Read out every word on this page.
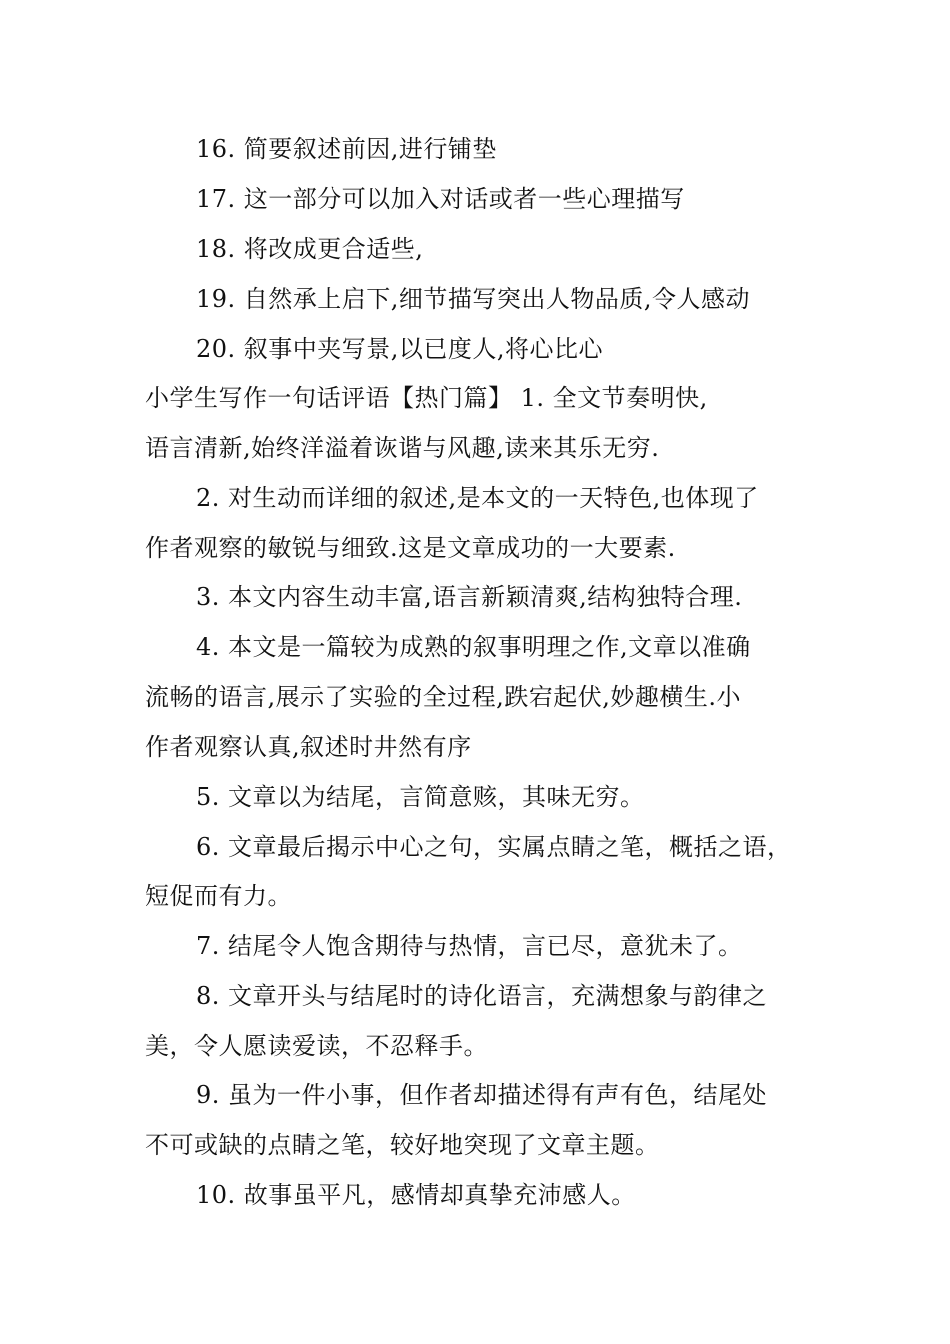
16. 简要叙述前因,进行铺垫
17. 这一部分可以加入对话或者一些心理描写
18. 将改成更合适些,
19. 自然承上启下,细节描写突出人物品质,令人感动
20. 叙事中夹写景,以已度人,将心比心
小学生写作一句话评语【热门篇】 1. 全文节奏明快,
语言清新,始终洋溢着诙谐与风趣,读来其乐无穷.
2. 对生动而详细的叙述,是本文的一天特色,也体现了
作者观察的敏锐与细致.这是文章成功的一大要素.
3. 本文内容生动丰富,语言新颖清爽,结构独特合理.
4. 本文是一篇较为成熟的叙事明理之作,文章以准确
流畅的语言,展示了实验的全过程,跌宕起伏,妙趣横生.小
作者观察认真,叙述时井然有序
5. 文章以为结尾，言简意赅，其味无穷。
6. 文章最后揭示中心之句，实属点睛之笔，概括之语，
短促而有力。
7. 结尾令人饱含期待与热情，言已尽，意犹未了。
8. 文章开头与结尾时的诗化语言，充满想象与韵律之
美，令人愿读爱读，不忍释手。
9. 虽为一件小事，但作者却描述得有声有色，结尾处
不可或缺的点睛之笔，较好地突现了文章主题。
10. 故事虽平凡，感情却真挚充沛感人。
